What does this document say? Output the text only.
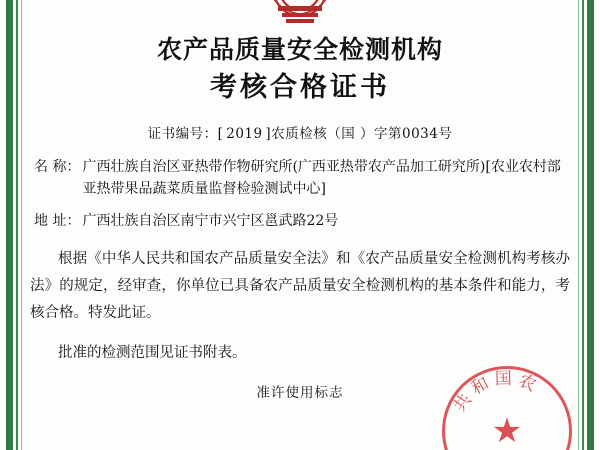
农产品质量安全检测机构
考核合格证书
证书编号：[ 2019 ]农质检核（国 ）字第0034号
名 称： 广西壮族自治区亚热带作物研究所(广西亚热带农产品加工研究所)[农业农村部亚热带果品蔬菜质量监督检验测试中心]
地 址： 广西壮族自治区南宁市兴宁区邕武路22号

根据《中华人民共和国农产品质量安全法》和《农产品质量安全检测机构考核办法》的规定，经审查，你单位已具备农产品质量安全检测机构的基本条件和能力，考核合格。特发此证。

批准的检测范围见证书附表。
准许使用标志	共和国农
★
